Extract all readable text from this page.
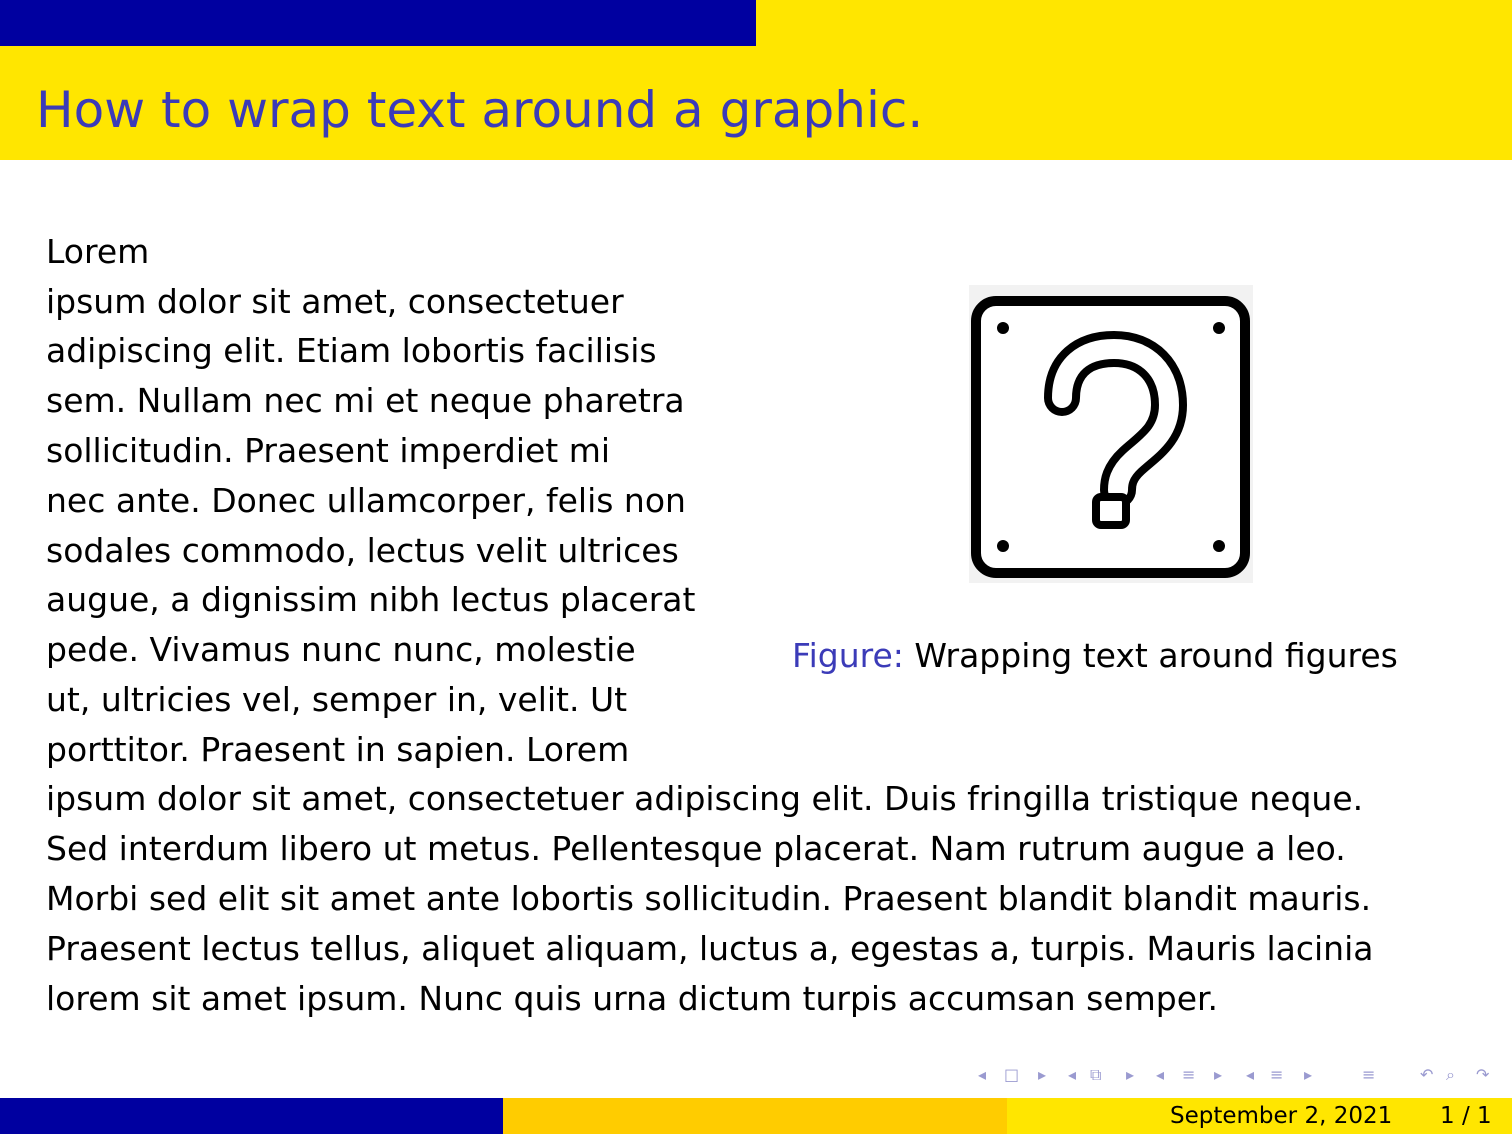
How to wrap text around a graphic.
Lorem
ipsum dolor sit amet, consectetuer
adipiscing elit. Etiam lobortis facilisis
sem. Nullam nec mi et neque pharetra
sollicitudin. Praesent imperdiet mi
nec ante. Donec ullamcorper, felis non
sodales commodo, lectus velit ultrices
augue, a dignissim nibh lectus placerat
pede. Vivamus nunc nunc, molestie
ut, ultricies vel, semper in, velit. Ut
porttitor. Praesent in sapien. Lorem
ipsum dolor sit amet, consectetuer adipiscing elit. Duis fringilla tristique neque.
Sed interdum libero ut metus. Pellentesque placerat. Nam rutrum augue a leo.
Morbi sed elit sit amet ante lobortis sollicitudin. Praesent blandit blandit mauris.
Praesent lectus tellus, aliquet aliquam, luctus a, egestas a, turpis. Mauris lacinia
lorem sit amet ipsum. Nunc quis urna dictum turpis accumsan semper.
Figure: Wrapping text around figures
◂ □ ▸ ◂ ⧉ ▸ ◂ ≡ ▸ ◂ ≡ ▸	≡	↶ ⌕ ↷
September 2, 2021 1 / 1
